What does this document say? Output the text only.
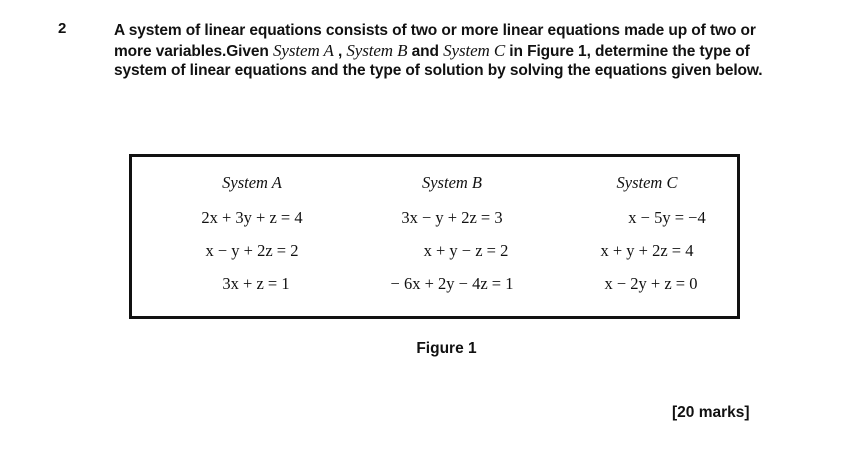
2	A system of linear equations consists of two or more linear equations made up of two or more variables.Given System A , System B and System C in Figure 1, determine the type of system of linear equations and the type of solution by solving the equations given below.
System A
2x + 3y + z = 4
x − y + 2z = 2
3x + z = 1
System B
3x − y + 2z = 3
x + y − z = 2
− 6x + 2y − 4z = 1
System C
x − 5y = −4
x + y + 2z = 4
x − 2y + z = 0
Figure 1
[20 marks]
